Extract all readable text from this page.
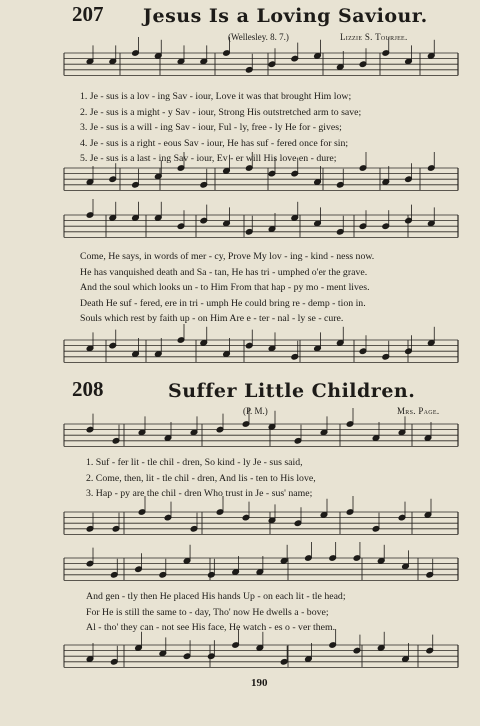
207 Jesus Is a Loving Saviour.
(Wellesley. 8. 7.)	Lizzie S. Tourjee.
1. Je - sus is a lov - ing Sav - iour, Love it was that brought Him low;
2. Je - sus is a might - y Sav - iour, Strong His outstretched arm to save;
3. Je - sus is a will - ing Sav - iour, Ful - ly, free - ly He for - gives;
4. Je - sus is a right - eous Sav - iour, He has suf - fered once for sin;
5. Je - sus is a last - ing Sav - iour, Ev - er will His love en - dure;
Come, He says, in words of mer - cy, Prove My lov - ing - kind - ness now.
He has vanquished death and Sa - tan, He has tri - umphed o'er the grave.
And the soul which looks un - to Him From that hap - py mo - ment lives.
Death He suf - fered, ere in tri - umph He could bring re - demp - tion in.
Souls which rest by faith up - on Him Are e - ter - nal - ly se - cure.
208	Suffer Little Children.
(P. M.)	Mrs. Page.
1. Suf - fer lit - tle chil - dren, So kind - ly Je - sus said,
2. Come, then, lit - tle chil - dren, And lis - ten to His love,
3. Hap - py are the chil - dren Who trust in Je - sus' name;
And gen - tly then He placed His hands Up - on each lit - tle head;
For He is still the same to - day, Tho' now He dwells a - bove;
Al - tho' they can - not see His face, He watch - es o - ver them.
190
